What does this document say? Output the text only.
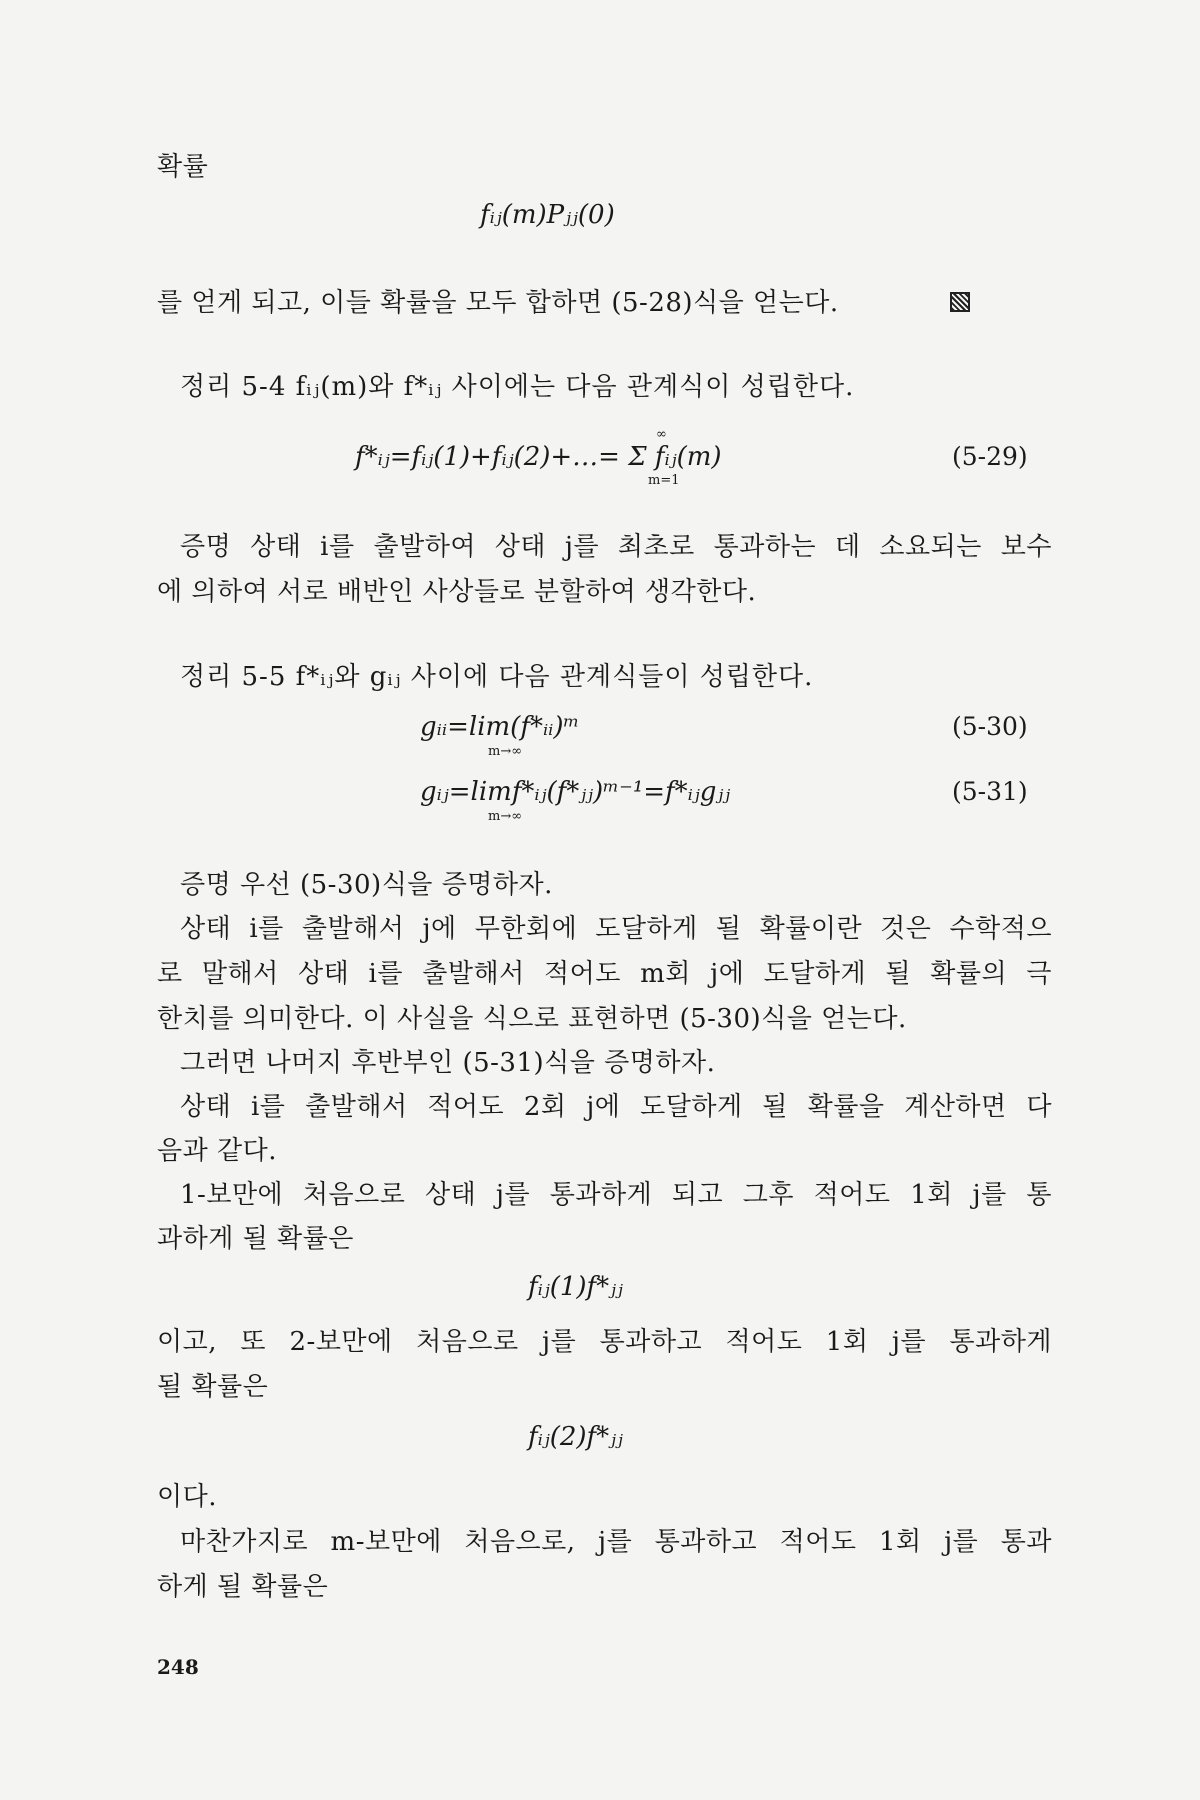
확률
fᵢⱼ(m)Pⱼⱼ(0)
를 얻게 되고, 이들 확률을 모두 합하면 (5-28)식을 얻는다.
정리 5-4 fᵢⱼ(m)와 f*ᵢⱼ 사이에는 다음 관계식이 성립한다.
f*ᵢⱼ=fᵢⱼ(1)+fᵢⱼ(2)+…= Σ fᵢⱼ(m)
∞
m=1
(5-29)
증명 상태 i를 출발하여 상태 j를 최초로 통과하는 데 소요되는 보수
에 의하여 서로 배반인 사상들로 분할하여 생각한다.
정리 5-5 f*ᵢⱼ와 gᵢⱼ 사이에 다음 관계식들이 성립한다.
gᵢᵢ=lim(f*ᵢᵢ)ᵐ
m→∞
(5-30)
gᵢⱼ=limf*ᵢⱼ(f*ⱼⱼ)ᵐ⁻¹=f*ᵢⱼgⱼⱼ
m→∞
(5-31)
증명 우선 (5-30)식을 증명하자.
상태 i를 출발해서 j에 무한회에 도달하게 될 확률이란 것은 수학적으
로 말해서 상태 i를 출발해서 적어도 m회 j에 도달하게 될 확률의 극
한치를 의미한다. 이 사실을 식으로 표현하면 (5-30)식을 얻는다.
그러면 나머지 후반부인 (5-31)식을 증명하자.
상태 i를 출발해서 적어도 2회 j에 도달하게 될 확률을 계산하면 다
음과 같다.
1-보만에 처음으로 상태 j를 통과하게 되고 그후 적어도 1회 j를 통
과하게 될 확률은
fᵢⱼ(1)f*ⱼⱼ
이고, 또 2-보만에 처음으로 j를 통과하고 적어도 1회 j를 통과하게
될 확률은
fᵢⱼ(2)f*ⱼⱼ
이다.
마찬가지로 m-보만에 처음으로, j를 통과하고 적어도 1회 j를 통과
하게 될 확률은
248
